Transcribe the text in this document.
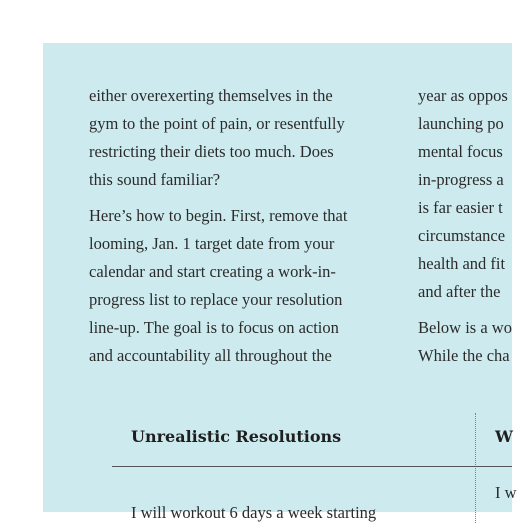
either overexerting themselves in the
gym to the point of pain, or resentfully
restricting their diets too much. Does
this sound familiar?
Here’s how to begin. First, remove that
looming, Jan. 1 target date from your
calendar and start creating a work-in-
progress list to replace your resolution
line-up. The goal is to focus on action
and accountability all throughout the
year as oppos
launching po
mental focus
in-progress a
is far easier t
circumstance
health and fit
and after the
Below is a wo
While the cha
Unrealistic Resolutions	W
I w
I will workout 6 days a week starting
